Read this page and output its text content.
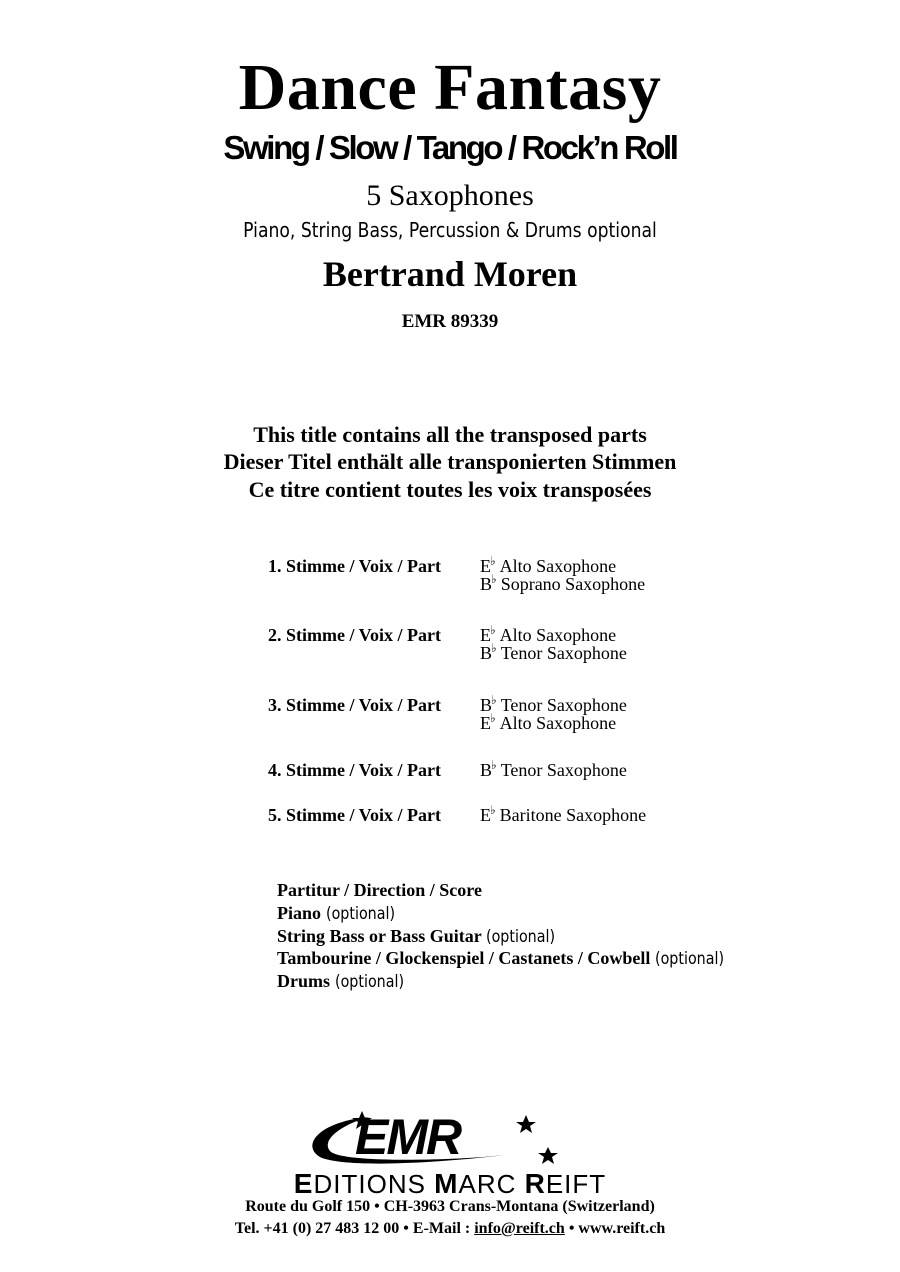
Dance Fantasy
Swing / Slow / Tango / Rock’n Roll
5 Saxophones
Piano, String Bass, Percussion & Drums optional
Bertrand Moren
EMR 89339
This title contains all the transposed parts
Dieser Titel enthält alle transponierten Stimmen
Ce titre contient toutes les voix transposées
1. Stimme / Voix / Part E♭ Alto Saxophone
B♭ Soprano Saxophone
2. Stimme / Voix / Part E♭ Alto Saxophone
B♭ Tenor Saxophone
3. Stimme / Voix / Part B♭ Tenor Saxophone
E♭ Alto Saxophone
4. Stimme / Voix / Part B♭ Tenor Saxophone
5. Stimme / Voix / Part E♭ Baritone Saxophone
Partitur / Direction / Score
Piano (optional)
String Bass or Bass Guitar (optional)
Tambourine / Glockenspiel / Castanets / Cowbell (optional)
Drums (optional)
EMR
EDITIONS MARC REIFT
Route du Golf 150 • CH-3963 Crans-Montana (Switzerland)
Tel. +41 (0) 27 483 12 00 • E-Mail : info@reift.ch • www.reift.ch
